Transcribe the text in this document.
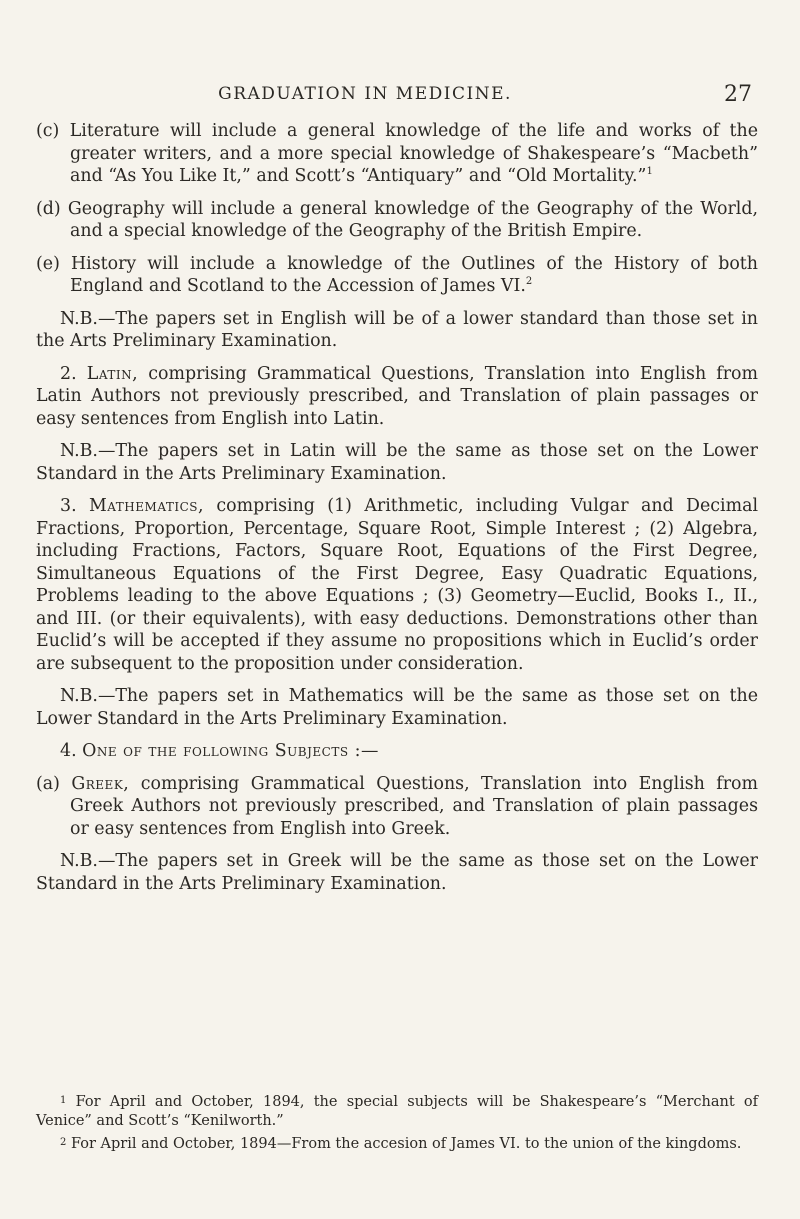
GRADUATION IN MEDICINE.	27

(c) Literature will include a general knowledge of the life and works of the greater writers, and a more special knowledge of Shakespeare’s “Macbeth” and “As You Like It,” and Scott’s “Antiquary” and “Old Mortality.”$^1$

(d) Geography will include a general knowledge of the Geography of the World, and a special knowledge of the Geography of the British Empire.

(e) History will include a knowledge of the Outlines of the History of both England and Scotland to the Accession of James VI.$^2$

N.B.—The papers set in English will be of a lower standard than those set in the Arts Preliminary Examination.

2. Latin, comprising Grammatical Questions, Translation into English from Latin Authors not previously prescribed, and Translation of plain passages or easy sentences from English into Latin.

N.B.—The papers set in Latin will be the same as those set on the Lower Standard in the Arts Preliminary Examination.

3. Mathematics, comprising (1) Arithmetic, including Vulgar and Decimal Fractions, Proportion, Percentage, Square Root, Simple Interest ; (2) Algebra, including Fractions, Factors, Square Root, Equations of the First Degree, Simultaneous Equations of the First Degree, Easy Quadratic Equations, Problems leading to the above Equations ; (3) Geometry—Euclid, Books I., II., and III. (or their equivalents), with easy deductions. Demonstrations other than Euclid’s will be accepted if they assume no propositions which in Euclid’s order are subsequent to the proposition under consideration.

N.B.—The papers set in Mathematics will be the same as those set on the Lower Standard in the Arts Preliminary Examination.

4. One of the following Subjects :—

(a) Greek, comprising Grammatical Questions, Translation into English from Greek Authors not previously prescribed, and Translation of plain passages or easy sentences from English into Greek.

N.B.—The papers set in Greek will be the same as those set on the Lower Standard in the Arts Preliminary Examination.

$^1$ For April and October, 1894, the special subjects will be Shakespeare’s “Merchant of Venice” and Scott’s “Kenilworth.”

$^2$ For April and October, 1894—From the accesion of James VI. to the union of the kingdoms.
